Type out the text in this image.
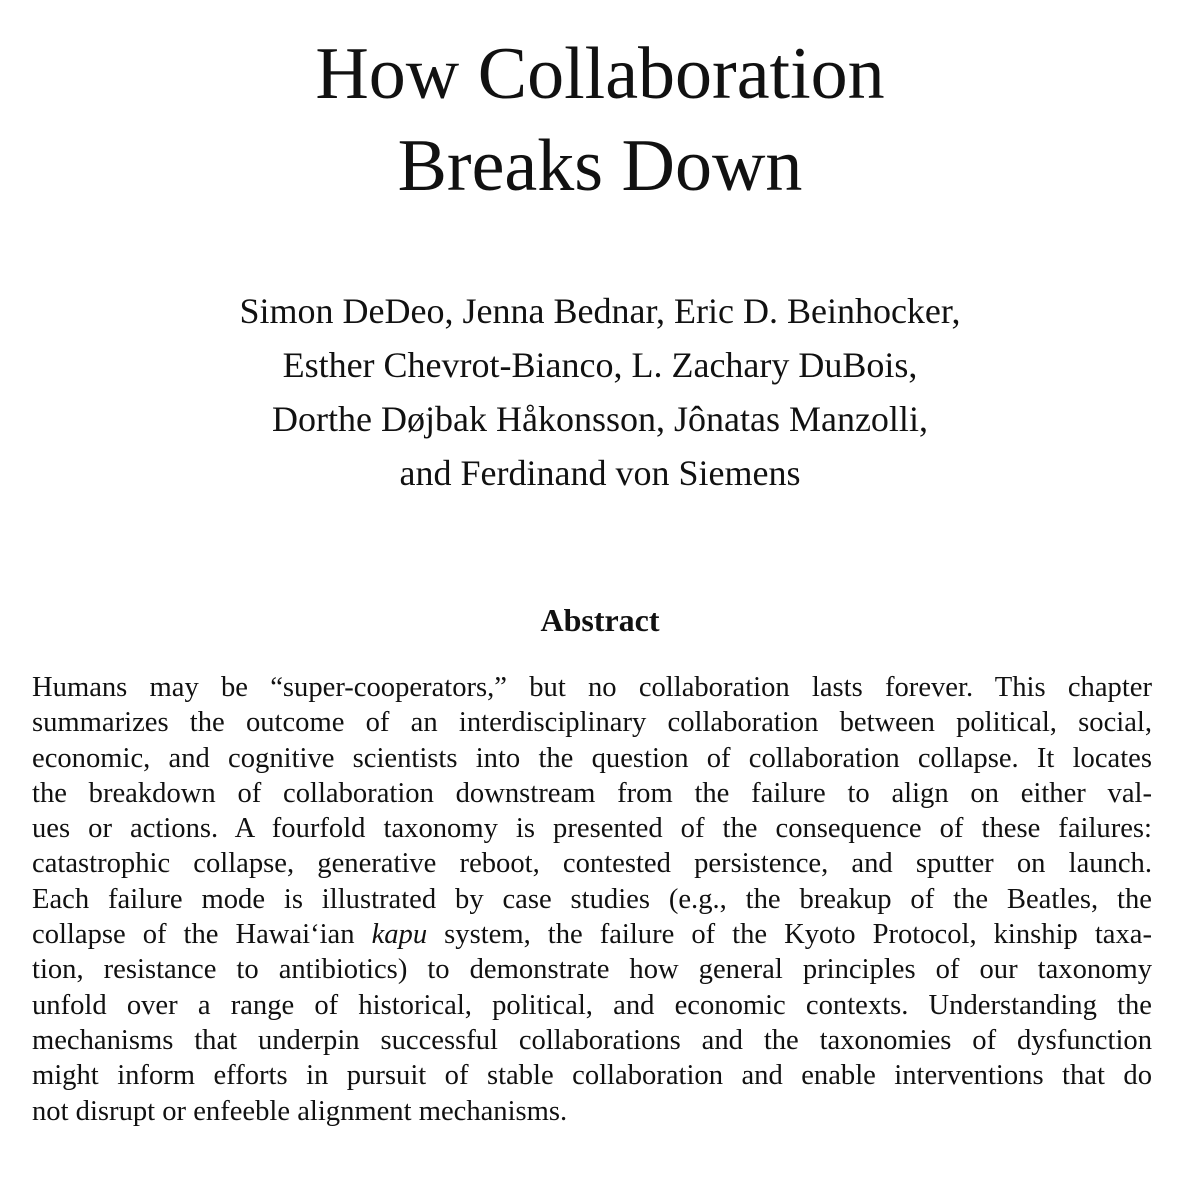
How Collaboration
Breaks Down
Simon DeDeo, Jenna Bednar, Eric D. Beinhocker,
Esther Chevrot-Bianco, L. Zachary DuBois,
Dorthe Døjbak Håkonsson, Jônatas Manzolli,
and Ferdinand von Siemens
Abstract
Humans may be “super-cooperators,” but no collaboration lasts forever. This chapter
summarizes the outcome of an interdisciplinary collaboration between political, social,
economic, and cognitive scientists into the question of collaboration collapse. It locates
the breakdown of collaboration downstream from the failure to align on either val-
ues or actions. A fourfold taxonomy is presented of the consequence of these failures:
catastrophic collapse, generative reboot, contested persistence, and sputter on launch.
Each failure mode is illustrated by case studies (e.g., the breakup of the Beatles, the
collapse of the Hawaiʻian kapu system, the failure of the Kyoto Protocol, kinship taxa-
tion, resistance to antibiotics) to demonstrate how general principles of our taxonomy
unfold over a range of historical, political, and economic contexts. Understanding the
mechanisms that underpin successful collaborations and the taxonomies of dysfunction
might inform efforts in pursuit of stable collaboration and enable interventions that do
not disrupt or enfeeble alignment mechanisms.
